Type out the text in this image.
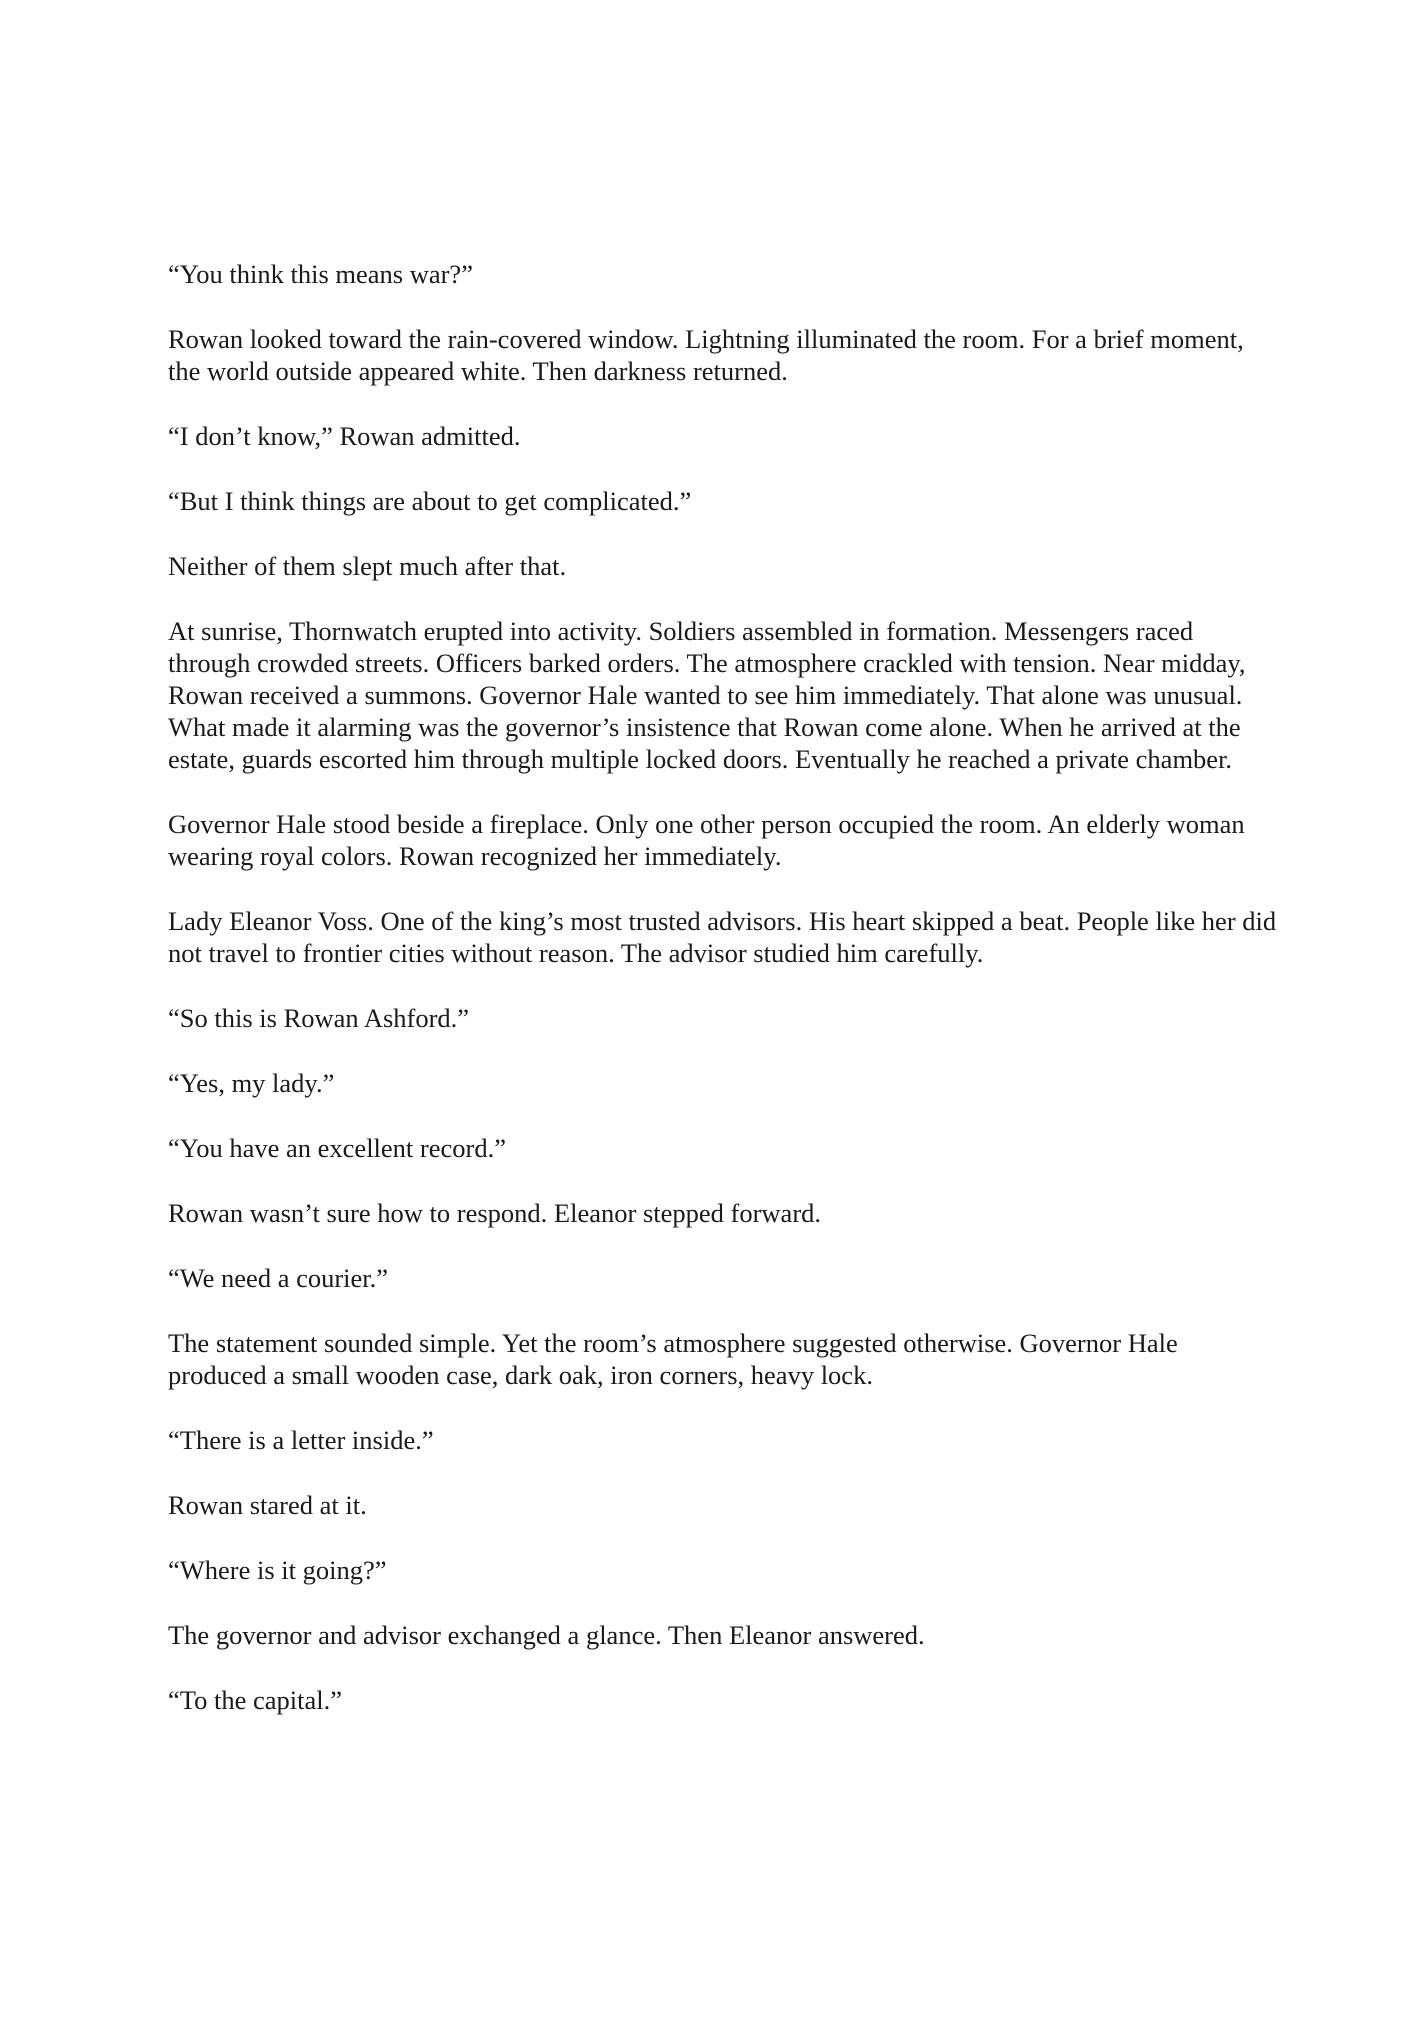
“You think this means war?”

Rowan looked toward the rain-covered window. Lightning illuminated the room. For a brief moment, the world outside appeared white. Then darkness returned.

“I don’t know,” Rowan admitted.

“But I think things are about to get complicated.”

Neither of them slept much after that.

At sunrise, Thornwatch erupted into activity. Soldiers assembled in formation. Messengers raced through crowded streets. Officers barked orders. The atmosphere crackled with tension. Near midday, Rowan received a summons. Governor Hale wanted to see him immediately. That alone was unusual. What made it alarming was the governor’s insistence that Rowan come alone. When he arrived at the estate, guards escorted him through multiple locked doors. Eventually he reached a private chamber.

Governor Hale stood beside a fireplace. Only one other person occupied the room. An elderly woman wearing royal colors. Rowan recognized her immediately.

Lady Eleanor Voss. One of the king’s most trusted advisors. His heart skipped a beat. People like her did not travel to frontier cities without reason. The advisor studied him carefully.

“So this is Rowan Ashford.”

“Yes, my lady.”

“You have an excellent record.”

Rowan wasn’t sure how to respond. Eleanor stepped forward.

“We need a courier.”

The statement sounded simple. Yet the room’s atmosphere suggested otherwise. Governor Hale produced a small wooden case, dark oak, iron corners, heavy lock.

“There is a letter inside.”

Rowan stared at it.

“Where is it going?”

The governor and advisor exchanged a glance. Then Eleanor answered.

“To the capital.”
